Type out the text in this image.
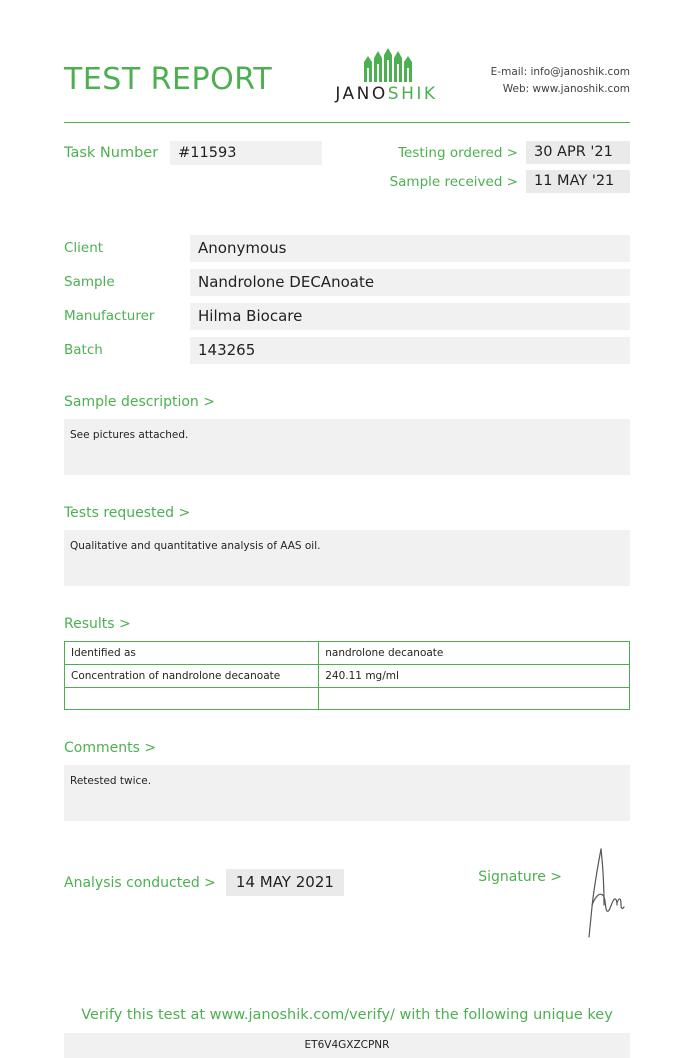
TEST REPORT	JANOSHIK
E-mail: info@janoshik.com
Web: www.janoshik.com
Task Number	#11593	Testing ordered >	30 APR '21
Sample received >	11 MAY '21
Client	Anonymous
Sample	Nandrolone DECAnoate
Manufacturer	Hilma Biocare
Batch	143265
Sample description >
See pictures attached.
Tests requested >
Qualitative and quantitative analysis of AAS oil.
Results >
Identified as	nandrolone decanoate
Concentration of nandrolone decanoate	240.11 mg/ml

Comments >
Retested twice.
Analysis conducted >	14 MAY 2021	Signature >
Verify this test at www.janoshik.com/verify/ with the following unique key
ET6V4GXZCPNR
